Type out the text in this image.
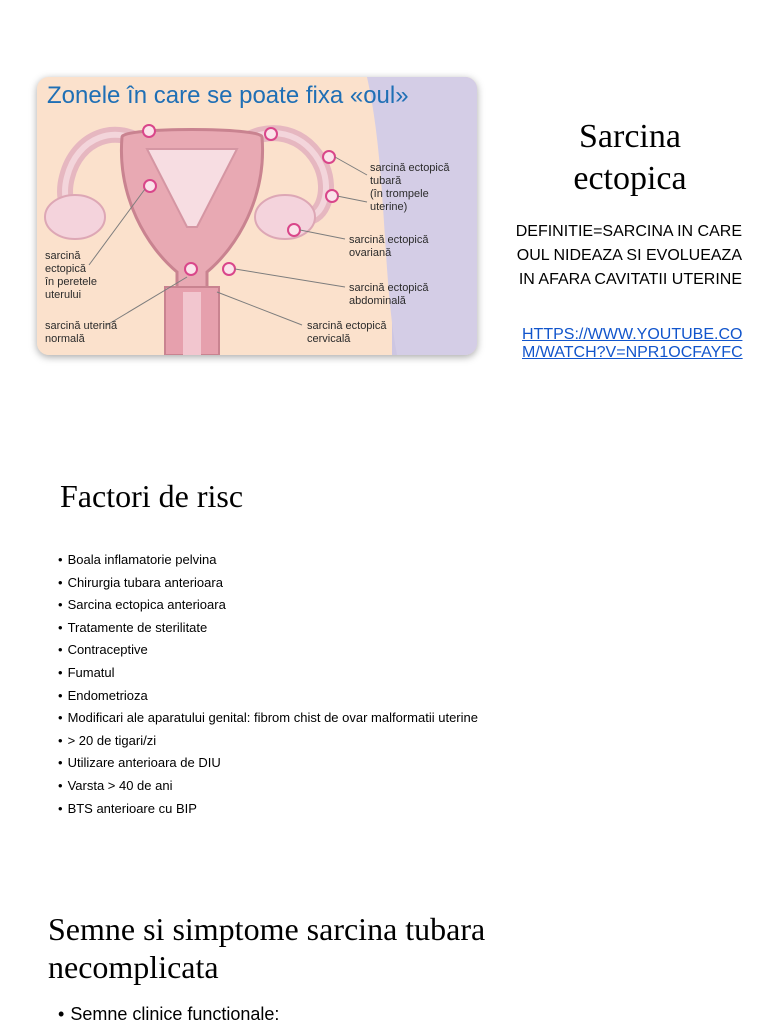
Zonele în care se poate fixa «oul»
sarcină ectopică
tubară
(în trompele
uterine)
sarcină ectopică
ovariană
sarcină
ectopică
în peretele
uterului
sarcină ectopică
abdominală
sarcină uterină
normală
sarcină ectopică
cervicală
Sarcina
ectopica

DEFINITIE=SARCINA IN CARE OUL NIDEAZA SI EVOLUEAZA IN AFARA CAVITATII UTERINE

HTTPS://WWW.YOUTUBE.COM/WATCH?V=NPR1OCFAYFC
Factori de risc
• Boala inflamatorie pelvina
• Chirurgia tubara anterioara
• Sarcina ectopica anterioara
• Tratamente de sterilitate
• Contraceptive
• Fumatul
• Endometrioza
• Modificari ale aparatului genital: fibrom chist de ovar malformatii uterine
• > 20 de tigari/zi
• Utilizare anterioara de DIU
• Varsta > 40 de ani
• BTS anterioare cu BIP
Semne si simptome sarcina tubara necomplicata

• Semne clinice functionale:
